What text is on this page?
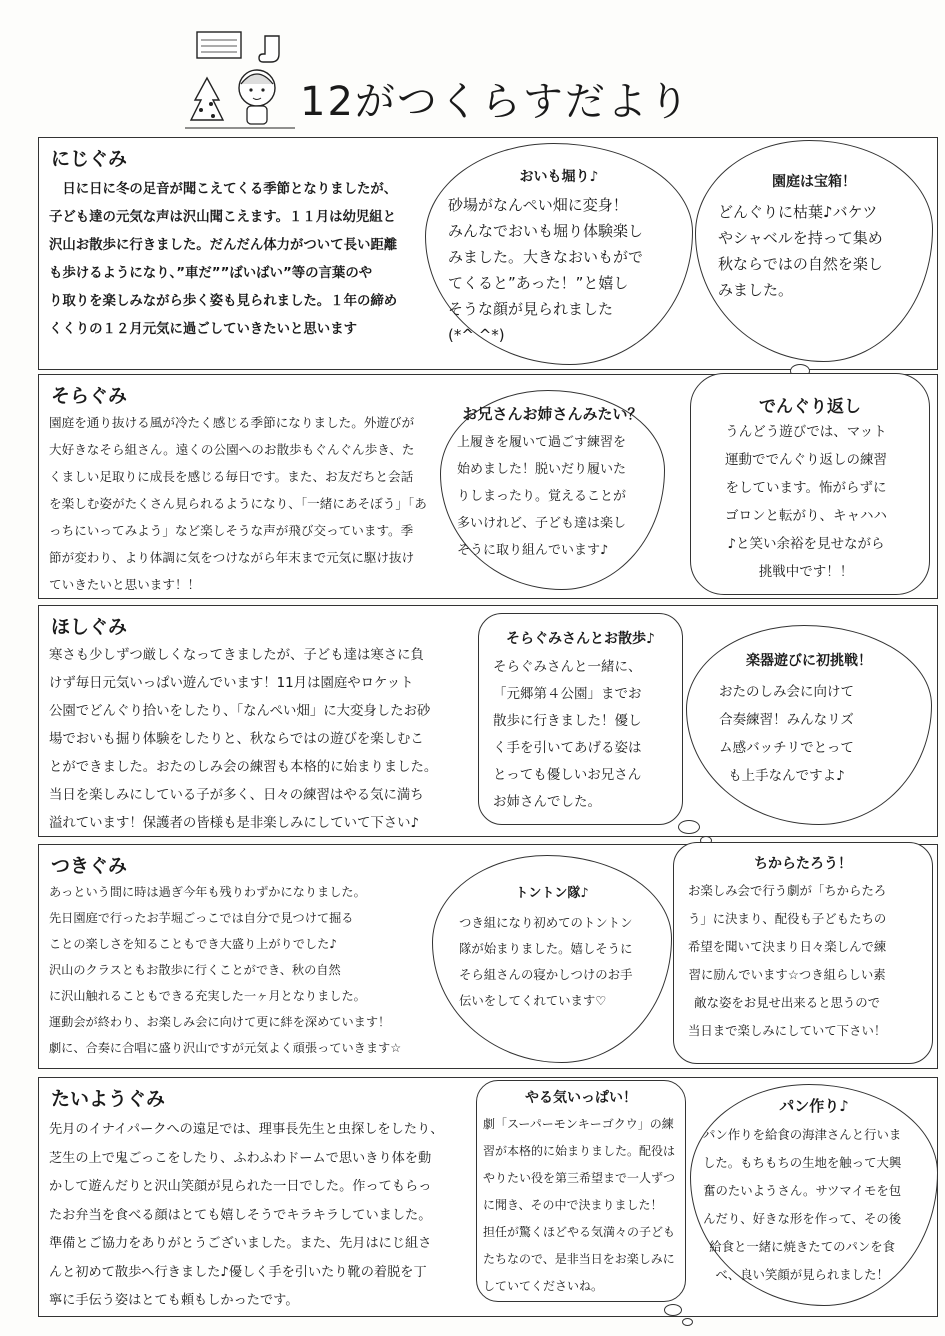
12がつくらすだより
にじぐみ

　日に日に冬の足音が聞こえてくる季節となりましたが、
子ども達の元気な声は沢山聞こえます。１１月は幼児組と
沢山お散歩に行きました。だんだん体力がついて長い距離
も歩けるようになり、”車だ””ばいばい”等の言葉のや
り取りを楽しみながら歩く姿も見られました。１年の締め
くくりの１２月元気に過ごしていきたいと思います

おいも堀り♪

砂場がなんぺい畑に変身！
みんなでおいも堀り体験楽し
みました。大きなおいもがで
てくると”あった！”と嬉し
そうな顔が見られました
(*^ ^*)

園庭は宝箱！

どんぐりに枯葉♪バケツ
やシャベルを持って集め
秋ならではの自然を楽し
みました。

そらぐみ

園庭を通り抜ける風が冷たく感じる季節になりました。外遊びが
大好きなそら組さん。遠くの公園へのお散歩もぐんぐん歩き、た
くましい足取りに成長を感じる毎日です。また、お友だちと会話
を楽しむ姿がたくさん見られるようになり、「一緒にあそぼう」「あ
っちにいってみよう」など楽しそうな声が飛び交っています。季
節が変わり、より体調に気をつけながら年末まで元気に駆け抜け
ていきたいと思います！！

お兄さんお姉さんみたい？

上履きを履いて過ごす練習を
始めました！脱いだり履いた
りしまったり。覚えることが
多いけれど、子ども達は楽し
そうに取り組んでいます♪

でんぐり返し

うんどう遊びでは、マット
運動ででんぐり返しの練習
をしています。怖がらずに
ゴロンと転がり、キャハハ
♪と笑い余裕を見せながら
挑戦中です！！

ほしぐみ

寒さも少しずつ厳しくなってきましたが、子ども達は寒さに負
けず毎日元気いっぱい遊んでいます！11月は園庭やロケット
公園でどんぐり拾いをしたり、「なんぺい畑」に大変身したお砂
場でおいも掘り体験をしたりと、秋ならではの遊びを楽しむこ
とができました。おたのしみ会の練習も本格的に始まりました。
当日を楽しみにしている子が多く、日々の練習はやる気に満ち
溢れています！保護者の皆様も是非楽しみにしていて下さい♪

そらぐみさんとお散歩♪

そらぐみさんと一緒に、
「元郷第４公園」までお
散歩に行きました！優し
く手を引いてあげる姿は
とっても優しいお兄さん
お姉さんでした。

楽器遊びに初挑戦！

おたのしみ会に向けて
合奏練習！みんなリズ
ム感バッチリでとって
も上手なんですよ♪

つきぐみ

あっという間に時は過ぎ今年も残りわずかになりました。
先日園庭で行ったお芋堀ごっこでは自分で見つけて掘る
ことの楽しさを知ることもでき大盛り上がりでした♪
沢山のクラスともお散歩に行くことができ、秋の自然
に沢山触れることもできる充実した一ヶ月となりました。
運動会が終わり、お楽しみ会に向けて更に絆を深めています！
劇に、合奏に合唱に盛り沢山ですが元気よく頑張っていきます☆

トントン隊♪

つき組になり初めてのトントン
隊が始まりました。嬉しそうに
そら組さんの寝かしつけのお手
伝いをしてくれています♡

ちからたろう！

お楽しみ会で行う劇が「ちからたろ
う」に決まり、配役も子どもたちの
希望を聞いて決まり日々楽しんで練
習に励んでいます☆つき組らしい素
敵な姿をお見せ出来ると思うので
当日まで楽しみにしていて下さい！

たいようぐみ

先月のイナイパークへの遠足では、理事長先生と虫探しをしたり、
芝生の上で鬼ごっこをしたり、ふわふわドームで思いきり体を動
かして遊んだりと沢山笑顔が見られた一日でした。作ってもらっ
たお弁当を食べる顔はとても嬉しそうでキラキラしていました。
準備とご協力をありがとうございました。また、先月はにじ組さ
んと初めて散歩へ行きました♪優しく手を引いたり靴の着脱を丁
寧に手伝う姿はとても頼もしかったです。

やる気いっぱい！

劇「スーパーモンキーゴクウ」の練
習が本格的に始まりました。配役は
やりたい役を第三希望まで一人ずつ
に聞き、その中で決まりました！
担任が驚くほどやる気満々の子ども
たちなので、是非当日をお楽しみに
していてくださいね。

パン作り♪

パン作りを給食の海津さんと行いま
した。もちもちの生地を触って大興
奮のたいようさん。サツマイモを包
んだり、好きな形を作って、その後
給食と一緒に焼きたてのパンを食
べ、良い笑顔が見られました！
